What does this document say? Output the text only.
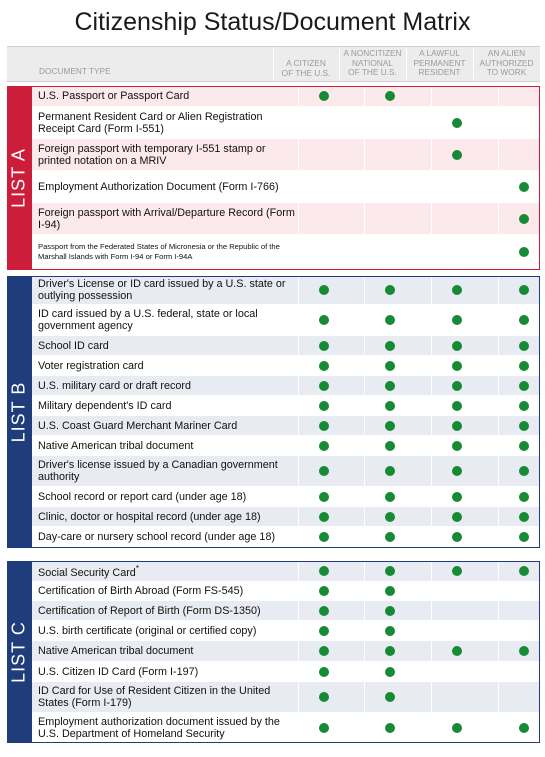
Citizenship Status/Document Matrix
DOCUMENT TYPE
A CITIZEN
OF THE U.S.
A NONCITIZEN
NATIONAL
OF THE U.S.
A LAWFUL
PERMANENT
RESIDENT
AN ALIEN
AUTHORIZED
TO WORK
LIST A
U.S. Passport or Passport Card
Permanent Resident Card or Alien Registration Receipt Card (Form I-551)
Foreign passport with temporary I-551 stamp or printed notation on a MRIV
Employment Authorization Document (Form I-766)
Foreign passport with Arrival/Departure Record (Form I-94)
Passport from the Federated States of Micronesia or the Republic of the Marshall Islands with Form I-94 or Form I-94A
LIST B
Driver's License or ID card issued by a U.S. state or outlying possession
ID card issued by a U.S. federal, state or local government agency
School ID card
Voter registration card
U.S. military card or draft record
Military dependent's ID card
U.S. Coast Guard Merchant Mariner Card
Native American tribal document
Driver's license issued by a Canadian government authority
School record or report card (under age 18)
Clinic, doctor or hospital record (under age 18)
Day-care or nursery school record (under age 18)
LIST C
Social Security Card*
Certification of Birth Abroad (Form FS-545)
Certification of Report of Birth (Form DS-1350)
U.S. birth certificate (original or certified copy)
Native American tribal document
U.S. Citizen ID Card (Form I-197)
ID Card for Use of Resident Citizen in the United States (Form I-179)
Employment authorization document issued by the U.S. Department of Homeland Security
